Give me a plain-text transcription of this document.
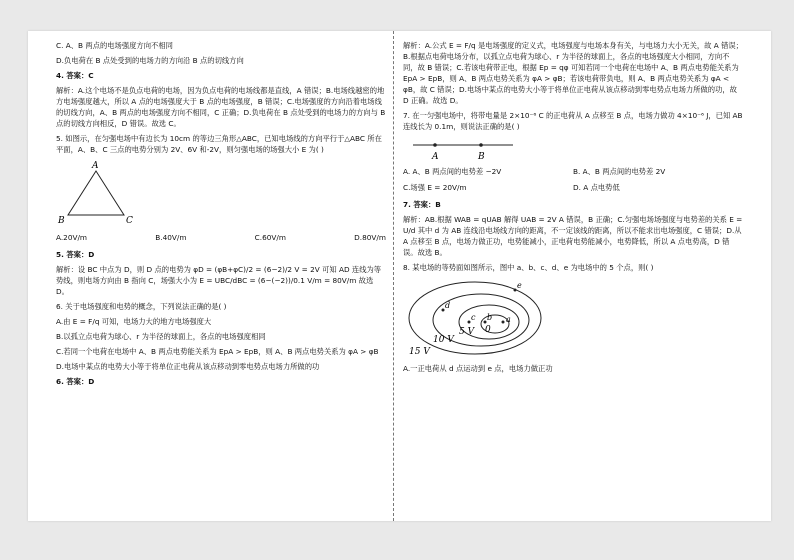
C. A、B 两点的电场强度方向不相同

D.负电荷在 B 点处受到的电场力的方向沿 B 点的切线方向

4. 答案：C

解析：A.这个电场不是负点电荷的电场，因为负点电荷的电场线都是直线，A 错误；B.电场线越密的地方电场强度越大，所以 A 点的电场强度大于 B 点的电场强度，B 错误；C.电场强度的方向沿着电场线的切线方向，A、B 两点的电场强度方向不相同，C 正确；D.负电荷在 B 点处受到的电场力的方向与 B 点的切线方向相反，D 错误。故选 C。

5. 如图示，在匀强电场中有边长为 10cm 的等边三角形△ABC，已知电场线的方向平行于△ABC 所在平面，A、B、C 三点的电势分别为 2V、6V 和-2V，则匀强电场的场强大小 E 为( )

A
B	C
A.20V/m	B.40V/m	C.60V/m	D.80V/m

5. 答案：D

解析：设 BC 中点为 D，则 D 点的电势为 φD = (φB+φC)/2 = (6−2)/2 V = 2V 可知 AD 连线为等势线，则电场方向由 B 指向 C，场强大小为 E = UBC/dBC = (6−(−2))/0.1 V/m = 80V/m 故选 D。

6. 关于电场强度和电势的概念，下列说法正确的是( )

A.由 E = F/q 可知，电场力大的地方电场强度大

B.以孤立点电荷为球心、r 为半径的球面上，各点的电场强度相同

C.若同一个电荷在电场中 A、B 两点电势能关系为 EpA > EpB，则 A、B 两点电势关系为 φA > φB

D.电场中某点的电势大小等于将单位正电荷从该点移动到零电势点电场力所做的功

6. 答案：D

解析：A.公式 E = F/q 是电场强度的定义式，电场强度与电场本身有关，与电场力大小无关，故 A 错误；B.根据点电荷电场分布，以孤立点电荷为球心、r 为半径的球面上，各点的电场强度大小相同，方向不同，故 B 错误；C.若该电荷带正电，根据 Ep = qφ 可知若同一个电荷在电场中 A、B 两点电势能关系为 EpA > EpB，则 A、B 两点电势关系为 φA > φB；若该电荷带负电，则 A、B 两点电势关系为 φA < φB，故 C 错误；D.电场中某点的电势大小等于将单位正电荷从该点移动到零电势点电场力所做的功，故 D 正确。故选 D。

7. 在一匀强电场中，将带电量是 2×10⁻⁶ C 的正电荷从 A 点移至 B 点，电场力做功 4×10⁻⁶ J，已知 AB 连线长为 0.1m，则说法正确的是( )

A	B
A. A、B 两点间的电势差 −2V	B. A、B 两点间的电势差 2V
C.场强 E = 20V/m	D. A 点电势低

7. 答案：B

解析：AB.根据 WAB = qUAB 解得 UAB = 2V A 错误，B 正确；C.匀强电场场强度与电势差的关系 E = U/d 其中 d 为 AB 连线沿电场线方向的距离，不一定该线的距离，所以不能求出电场强度，C 错误；D.从 A 点移至 B 点，电场力做正功，电势能减小，正电荷电势能减小，电势降低，所以 A 点电势高，D 错误。故选 B。

8. 某电场的等势面如图所示，图中 a、b、c、d、e 为电场中的 5 个点，则( )

15 V
10 V
5 V 0
a
b
c
d
e

A.一正电荷从 d 点运动到 e 点，电场力做正功
